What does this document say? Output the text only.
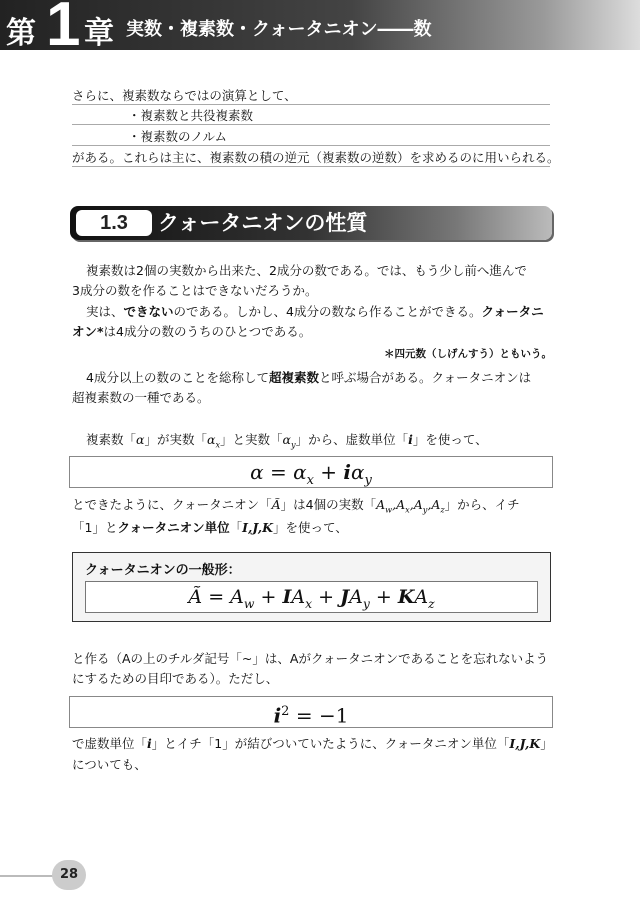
第 1 章 実数・複素数・クォータニオン――数
さらに、複素数ならではの演算として、
・複素数と共役複素数
・複素数のノルム
がある。これらは主に、複素数の積の逆元（複素数の逆数）を求めるのに用いられる。
1.3	クォータニオンの性質
複素数は2個の実数から出来た、2成分の数である。では、もう少し前へ進んで
3成分の数を作ることはできないだろうか。
実は、できないのである。しかし、4成分の数なら作ることができる。クォータニ
オン*は4成分の数のうちのひとつである。
＊四元数（しげんすう）ともいう。
4成分以上の数のことを総称して超複素数と呼ぶ場合がある。クォータニオンは
超複素数の一種である。
複素数「α」が実数「$\alpha_x$」と実数「$\alpha_y$」から、虚数単位「i」を使って、
$\alpha = \alpha_x + i\alpha_y$
とできたように、クォータニオン「Ã」は4個の実数「$A_w,A_x,A_y,A_z$」から、イチ
「1」とクォータニオン単位「I,J,K」を使って、
クォータニオンの一般形：
Ã = $A_w + IA_x + JA_y + KA_z$
と作る（Aの上のチルダ記号「~」は、Aがクォータニオンであることを忘れないよう
にするための目印である）。ただし、
$i^2 = -1$
で虚数単位「i」とイチ「1」が結びついていたように、クォータニオン単位「I,J,K」
についても、
28
